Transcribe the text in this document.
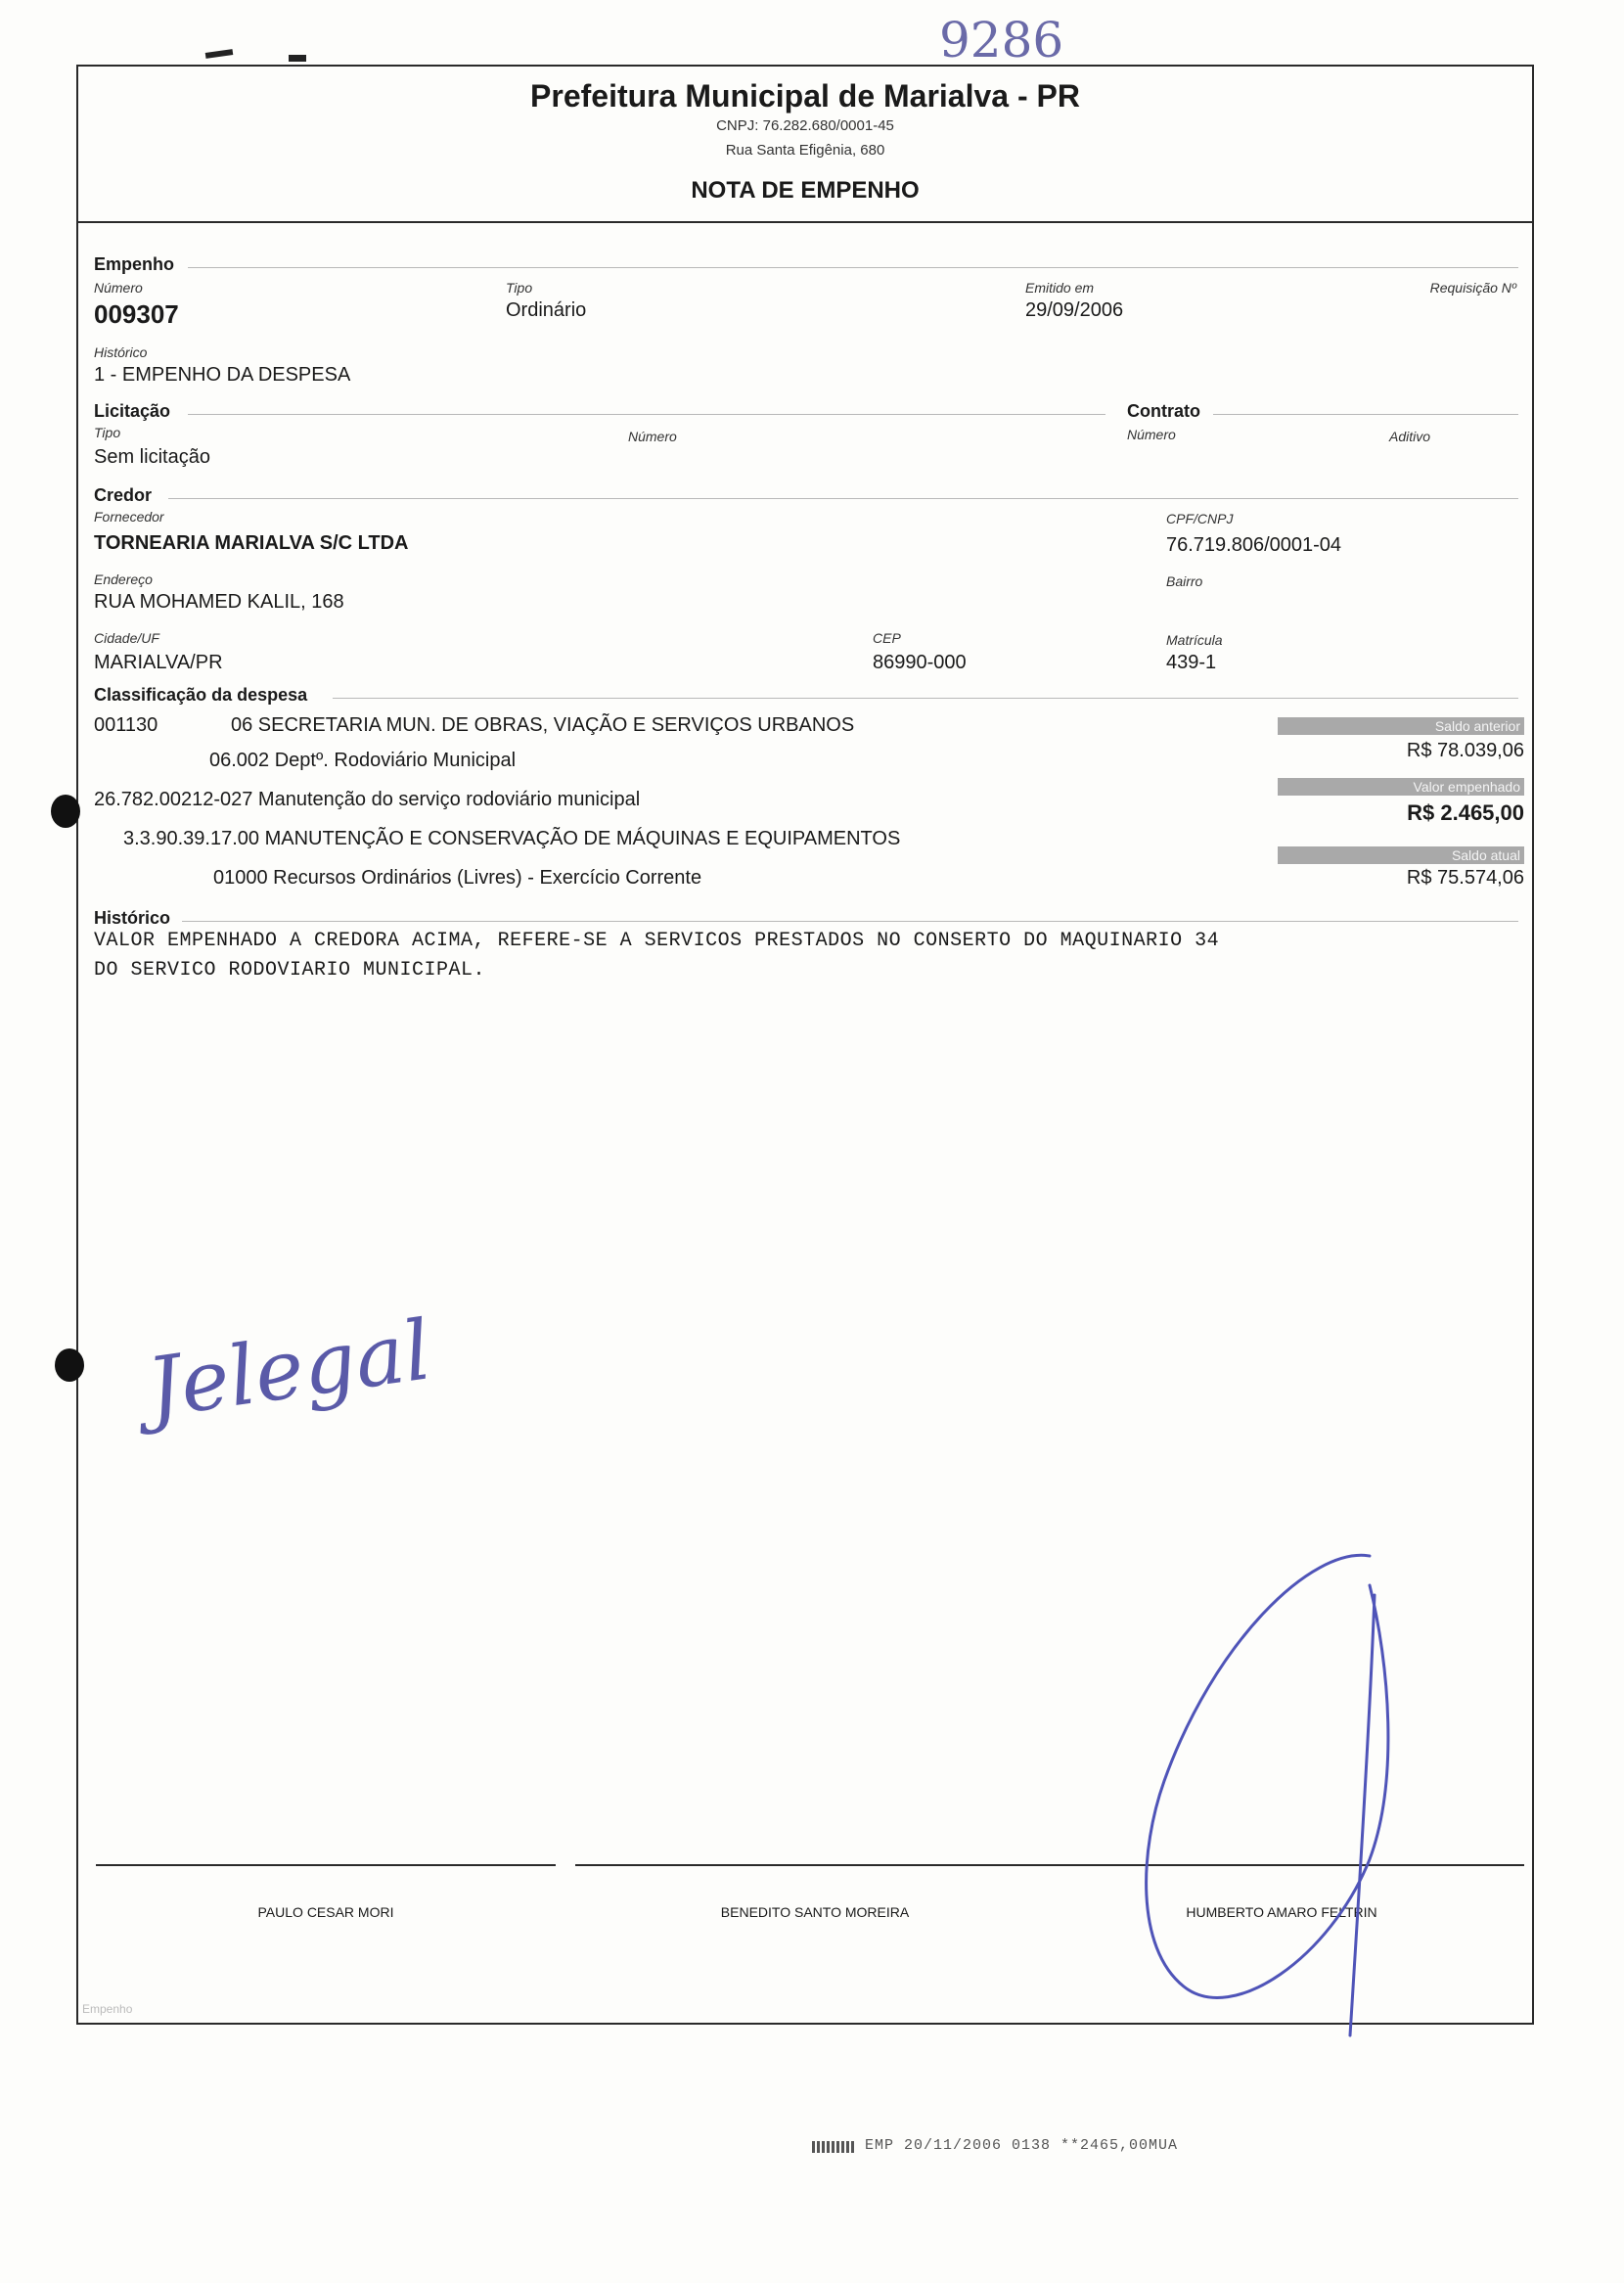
9286
Prefeitura Municipal de Marialva - PR
CNPJ: 76.282.680/0001-45
Rua Santa Efigênia, 680
NOTA DE EMPENHO
Empenho
Número
009307
Tipo
Ordinário
Emitido em
29/09/2006
Requisição Nº
Histórico
1 - EMPENHO DA DESPESA
Licitação	Contrato
Tipo
Sem licitação
Número	Número	Aditivo
Credor
Fornecedor
TORNEARIA MARIALVA S/C LTDA
CPF/CNPJ
76.719.806/0001-04
Endereço
RUA MOHAMED KALIL, 168
Bairro
Cidade/UF
MARIALVA/PR
CEP
86990-000
Matrícula
439-1
Classificação da despesa
001130	06 SECRETARIA MUN. DE OBRAS, VIAÇÃO E SERVIÇOS URBANOS
06.002 Deptº. Rodoviário Municipal
26.782.00212-027 Manutenção do serviço rodoviário municipal
3.3.90.39.17.00 MANUTENÇÃO E CONSERVAÇÃO DE MÁQUINAS E EQUIPAMENTOS
01000 Recursos Ordinários (Livres) - Exercício Corrente
Saldo anterior
R$ 78.039,06
Valor empenhado
R$ 2.465,00
Saldo atual
R$ 75.574,06
Histórico
VALOR EMPENHADO A CREDORA ACIMA, REFERE-SE A SERVICOS PRESTADOS NO CONSERTO DO MAQUINARIO 34
DO SERVICO RODOVIARIO MUNICIPAL.
Jelegal
PAULO CESAR MORI	BENEDITO SANTO MOREIRA	HUMBERTO AMARO FELTRIN
Empenho
EMP 20/11/2006 0138 **2465,00MUA
